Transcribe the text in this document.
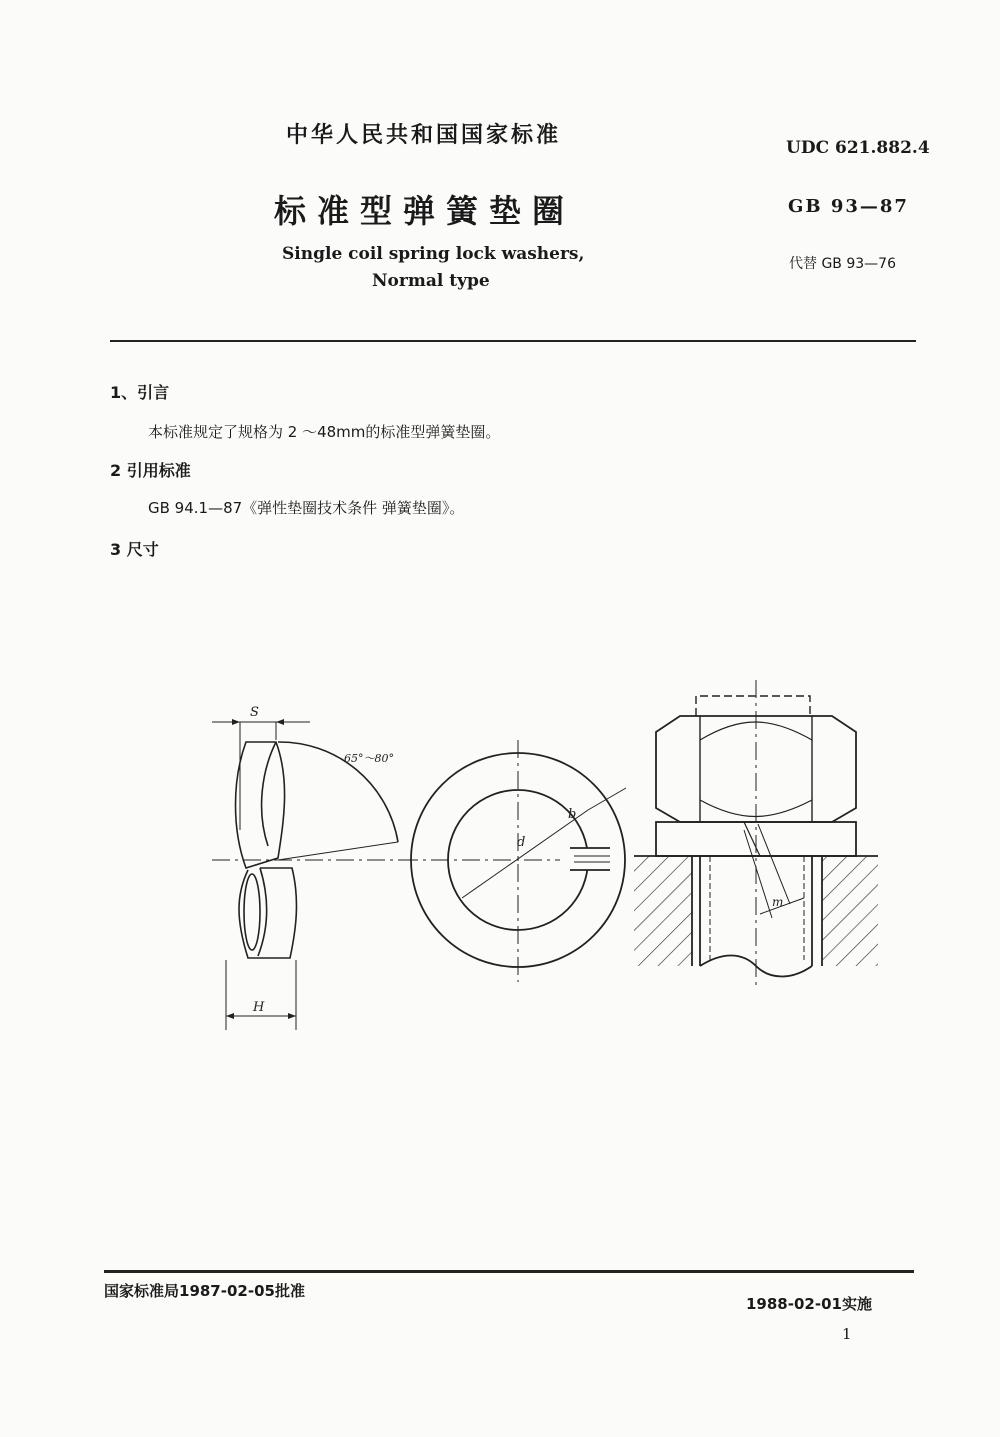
中华人民共和国国家标准	UDC 621.882.4
标准型弹簧垫圈	GB 93—87
Single coil spring lock washers,
Normal type
代替 GB 93—76
1、引言
本标准规定了规格为 2 ～48mm的标准型弹簧垫圈。
2 引用标准
GB 94.1—87《弹性垫圈技术条件 弹簧垫圈》。
3 尺寸
S
65°～80°
H
d
b
m
国家标准局1987-02-05批准
1988-02-01实施
1
